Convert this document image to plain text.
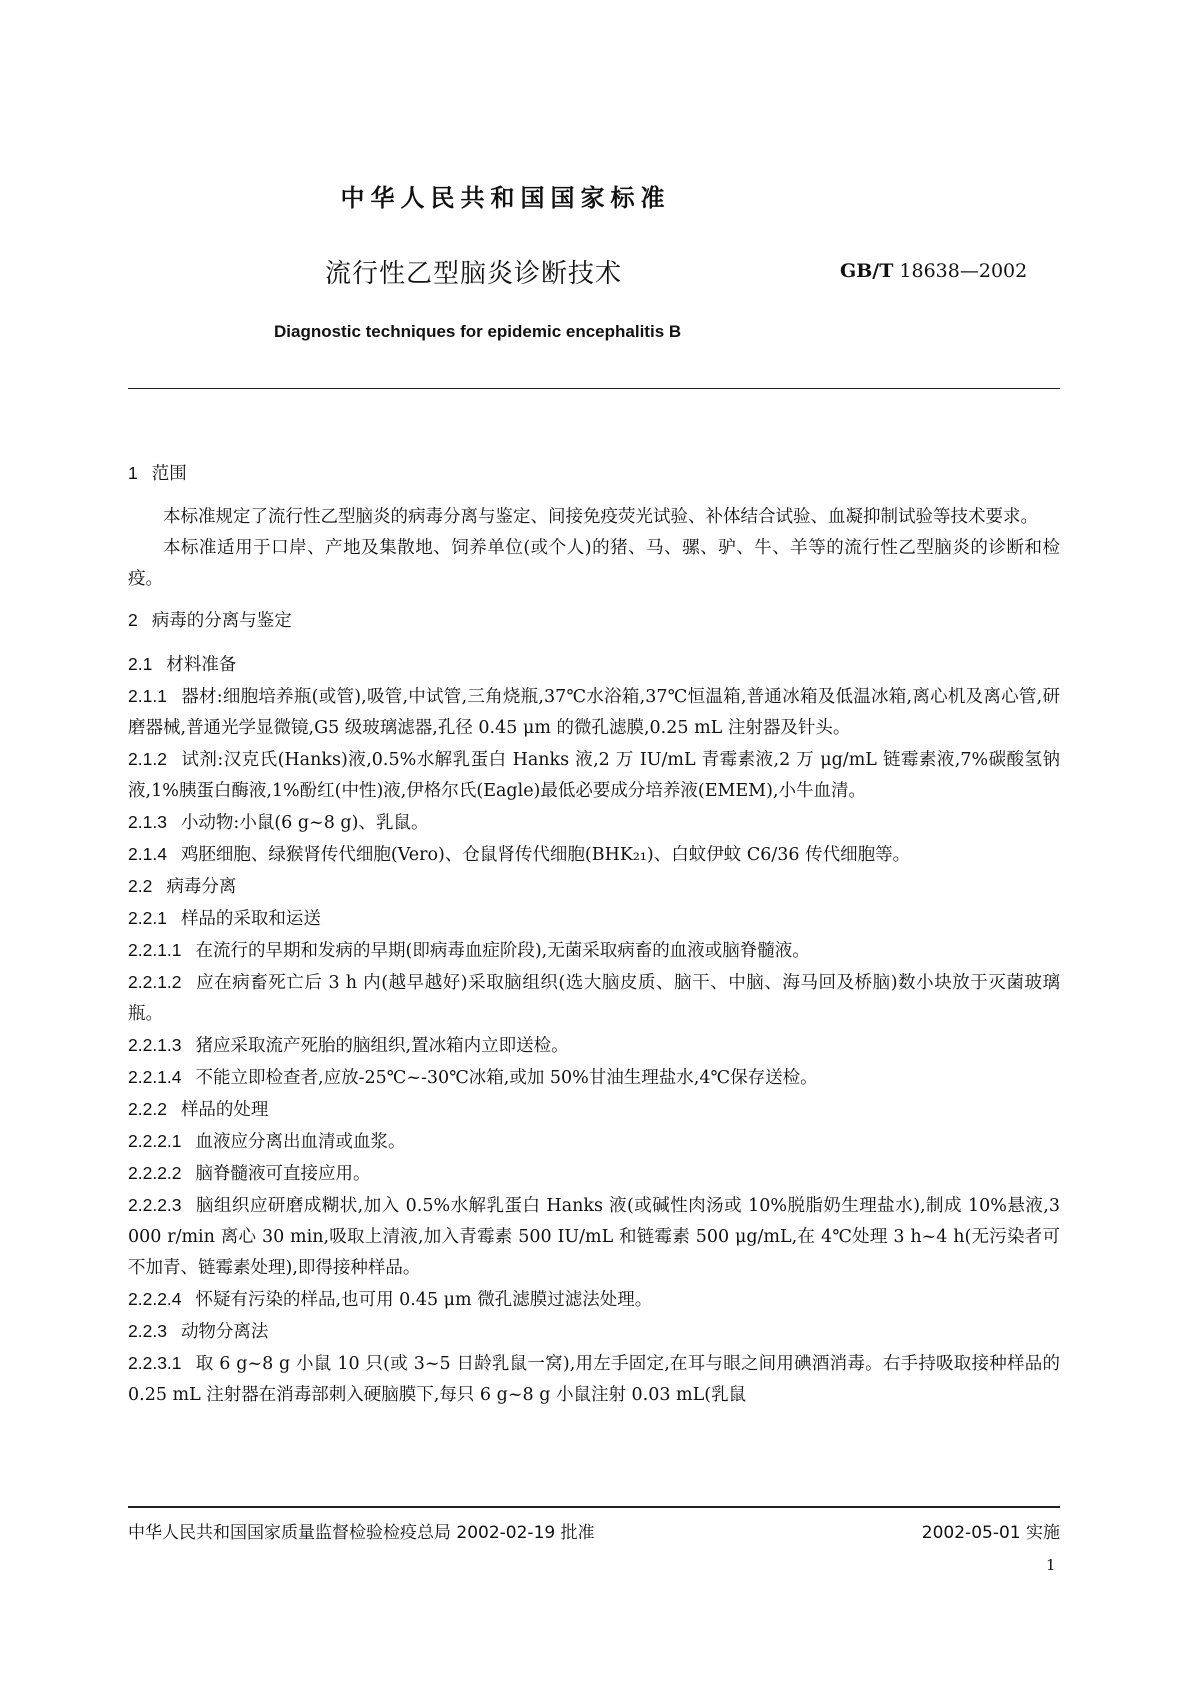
中华人民共和国国家标准
流行性乙型脑炎诊断技术	GB/T 18638—2002
Diagnostic techniques for epidemic encephalitis B
1 范围
本标准规定了流行性乙型脑炎的病毒分离与鉴定、间接免疫荧光试验、补体结合试验、血凝抑制试验等技术要求。
本标准适用于口岸、产地及集散地、饲养单位(或个人)的猪、马、骡、驴、牛、羊等的流行性乙型脑炎的诊断和检疫。
2 病毒的分离与鉴定
2.1 材料准备
2.1.1 器材:细胞培养瓶(或管),吸管,中试管,三角烧瓶,37℃水浴箱,37℃恒温箱,普通冰箱及低温冰箱,离心机及离心管,研磨器械,普通光学显微镜,G5 级玻璃滤器,孔径 0.45 μm 的微孔滤膜,0.25 mL 注射器及针头。
2.1.2 试剂:汉克氏(Hanks)液,0.5%水解乳蛋白 Hanks 液,2 万 IU/mL 青霉素液,2 万 μg/mL 链霉素液,7%碳酸氢钠液,1%胰蛋白酶液,1%酚红(中性)液,伊格尔氏(Eagle)最低必要成分培养液(EMEM),小牛血清。
2.1.3 小动物:小鼠(6 g~8 g)、乳鼠。
2.1.4 鸡胚细胞、绿猴肾传代细胞(Vero)、仓鼠肾传代细胞(BHK₂₁)、白蚊伊蚊 C6/36 传代细胞等。
2.2 病毒分离
2.2.1 样品的采取和运送
2.2.1.1 在流行的早期和发病的早期(即病毒血症阶段),无菌采取病畜的血液或脑脊髓液。
2.2.1.2 应在病畜死亡后 3 h 内(越早越好)采取脑组织(选大脑皮质、脑干、中脑、海马回及桥脑)数小块放于灭菌玻璃瓶。
2.2.1.3 猪应采取流产死胎的脑组织,置冰箱内立即送检。
2.2.1.4 不能立即检查者,应放-25℃~-30℃冰箱,或加 50%甘油生理盐水,4℃保存送检。
2.2.2 样品的处理
2.2.2.1 血液应分离出血清或血浆。
2.2.2.2 脑脊髓液可直接应用。
2.2.2.3 脑组织应研磨成糊状,加入 0.5%水解乳蛋白 Hanks 液(或碱性肉汤或 10%脱脂奶生理盐水),制成 10%悬液,3 000 r/min 离心 30 min,吸取上清液,加入青霉素 500 IU/mL 和链霉素 500 μg/mL,在 4℃处理 3 h~4 h(无污染者可不加青、链霉素处理),即得接种样品。
2.2.2.4 怀疑有污染的样品,也可用 0.45 μm 微孔滤膜过滤法处理。
2.2.3 动物分离法
2.2.3.1 取 6 g~8 g 小鼠 10 只(或 3~5 日龄乳鼠一窝),用左手固定,在耳与眼之间用碘酒消毒。右手持吸取接种样品的 0.25 mL 注射器在消毒部刺入硬脑膜下,每只 6 g~8 g 小鼠注射 0.03 mL(乳鼠
中华人民共和国国家质量监督检验检疫总局 2002-02-19 批准	2002-05-01 实施
1
